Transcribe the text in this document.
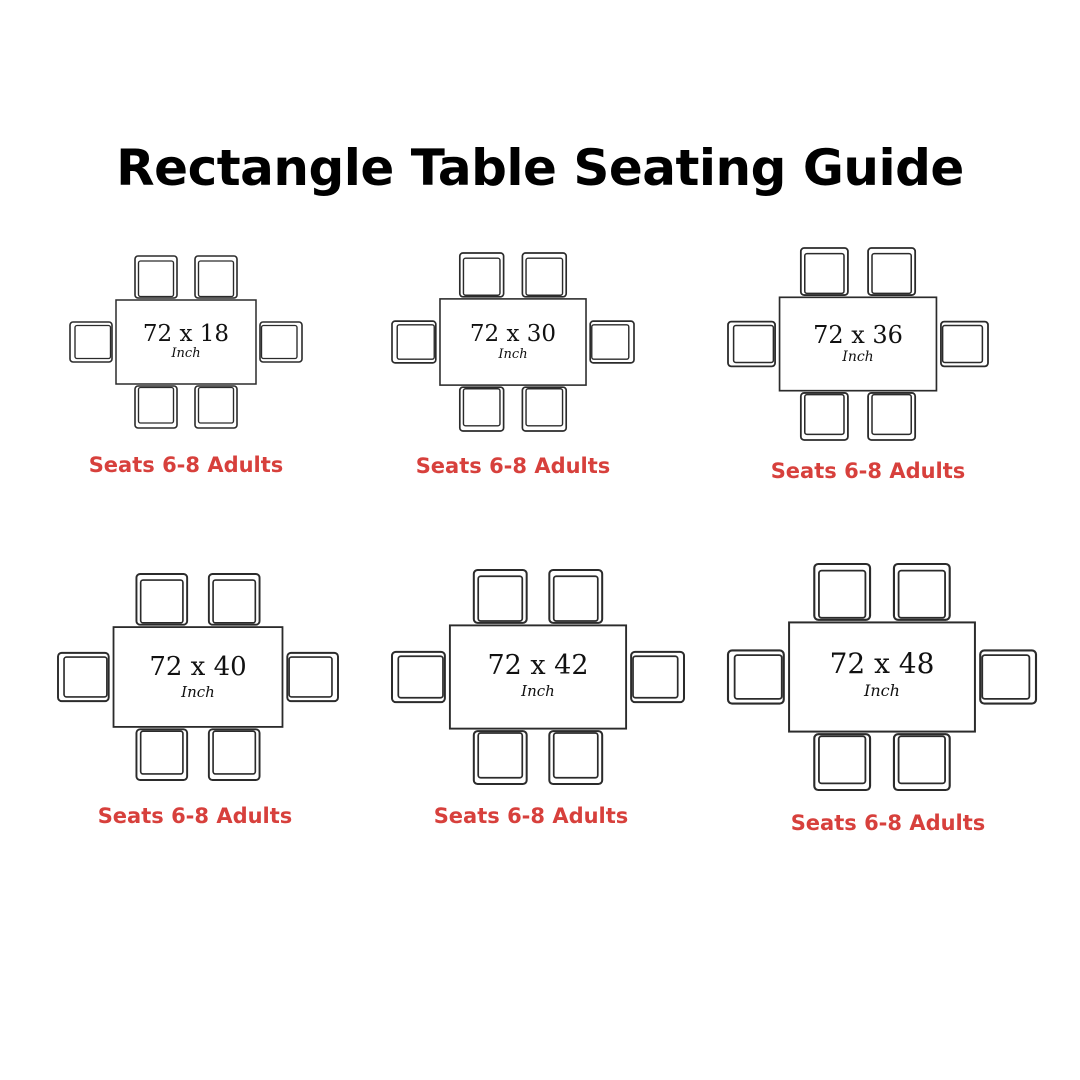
Rectangle Table Seating Guide
72 x 18
Inch
Seats 6-8 Adults
72 x 30
Inch
Seats 6-8 Adults
72 x 36
Inch
Seats 6-8 Adults
72 x 40
Inch
Seats 6-8 Adults
72 x 42
Inch
Seats 6-8 Adults
72 x 48
Inch
Seats 6-8 Adults
